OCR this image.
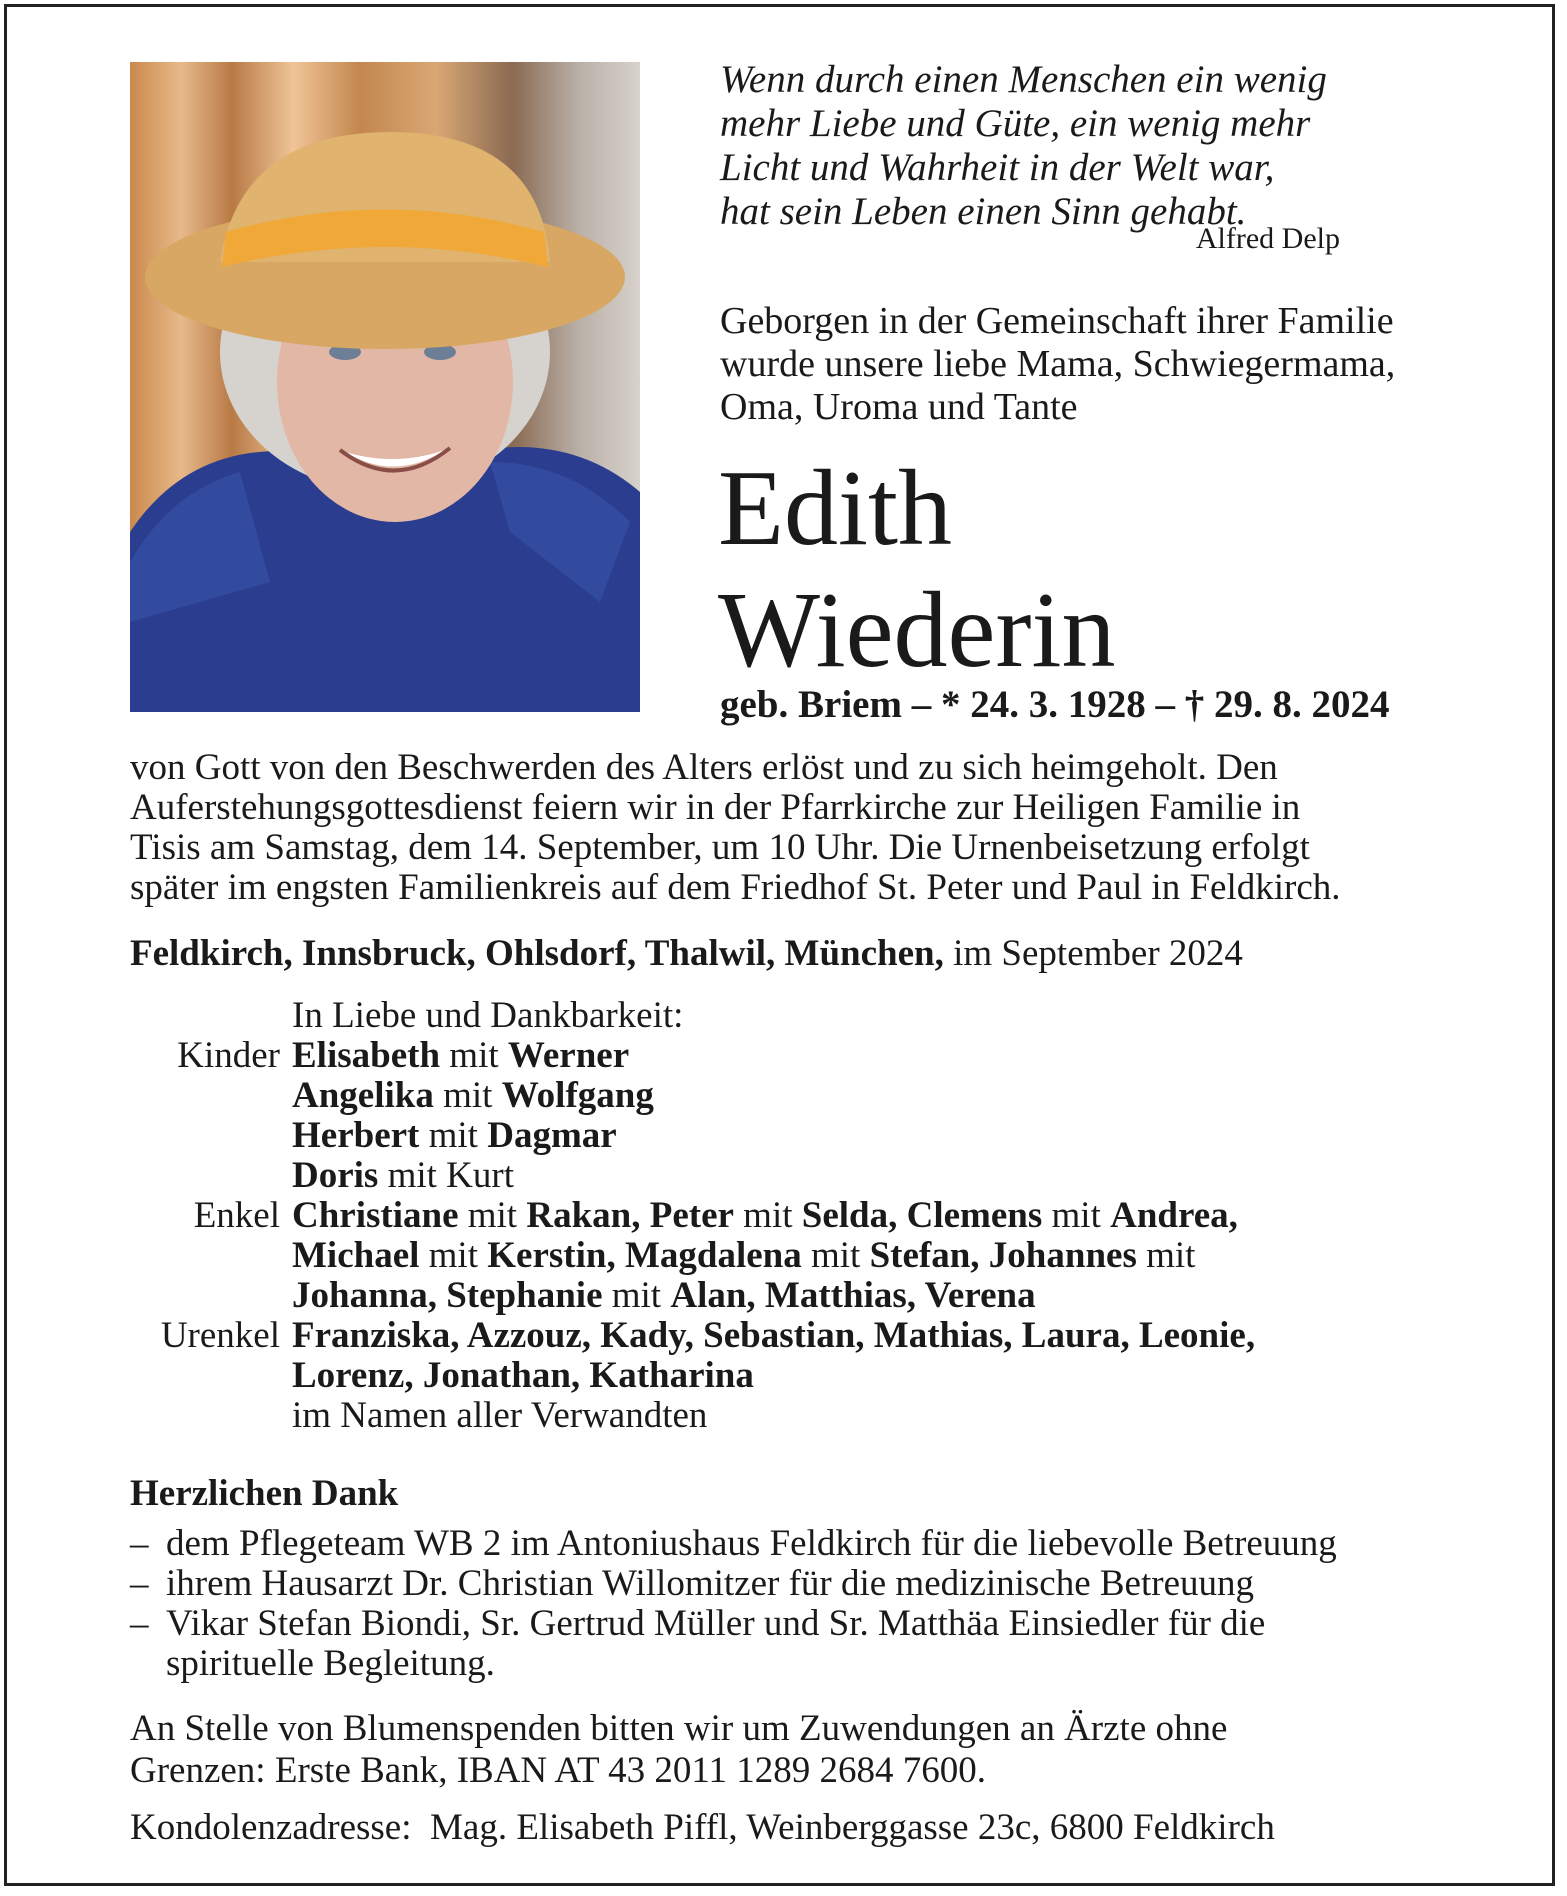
Wenn durch einen Menschen ein wenig
mehr Liebe und Güte, ein wenig mehr
Licht und Wahrheit in der Welt war,
hat sein Leben einen Sinn gehabt.
Alfred Delp
Geborgen in der Gemeinschaft ihrer Familie
wurde unsere liebe Mama, Schwiegermama,
Oma, Uroma und Tante
Edith
Wiederin
geb. Briem – * 24. 3. 1928 – † 29. 8. 2024
von Gott von den Beschwerden des Alters erlöst und zu sich heimgeholt. Den
Auferstehungsgottesdienst feiern wir in der Pfarrkirche zur Heiligen Familie in
Tisis am Samstag, dem 14. September, um 10 Uhr. Die Urnenbeisetzung erfolgt
später im engsten Familienkreis auf dem Friedhof St. Peter und Paul in Feldkirch.
Feldkirch, Innsbruck, Ohlsdorf, Thalwil, München, im September 2024
In Liebe und Dankbarkeit:
Kinder Elisabeth mit Werner
Angelika mit Wolfgang
Herbert mit Dagmar
Doris mit Kurt
Enkel Christiane mit Rakan, Peter mit Selda, Clemens mit Andrea,
Michael mit Kerstin, Magdalena mit Stefan, Johannes mit
Johanna, Stephanie mit Alan, Matthias, Verena
Urenkel Franziska, Azzouz, Kady, Sebastian, Mathias, Laura, Leonie,
Lorenz, Jonathan, Katharina
im Namen aller Verwandten
Herzlichen Dank
– dem Pflegeteam WB 2 im Antoniushaus Feldkirch für die liebevolle Betreuung
– ihrem Hausarzt Dr. Christian Willomitzer für die medizinische Betreuung
– Vikar Stefan Biondi, Sr. Gertrud Müller und Sr. Matthäa Einsiedler für die
spirituelle Begleitung.
An Stelle von Blumenspenden bitten wir um Zuwendungen an Ärzte ohne
Grenzen: Erste Bank, IBAN AT 43 2011 1289 2684 7600.
Kondolenzadresse:  Mag. Elisabeth Piffl, Weinberggasse 23c, 6800 Feldkirch
